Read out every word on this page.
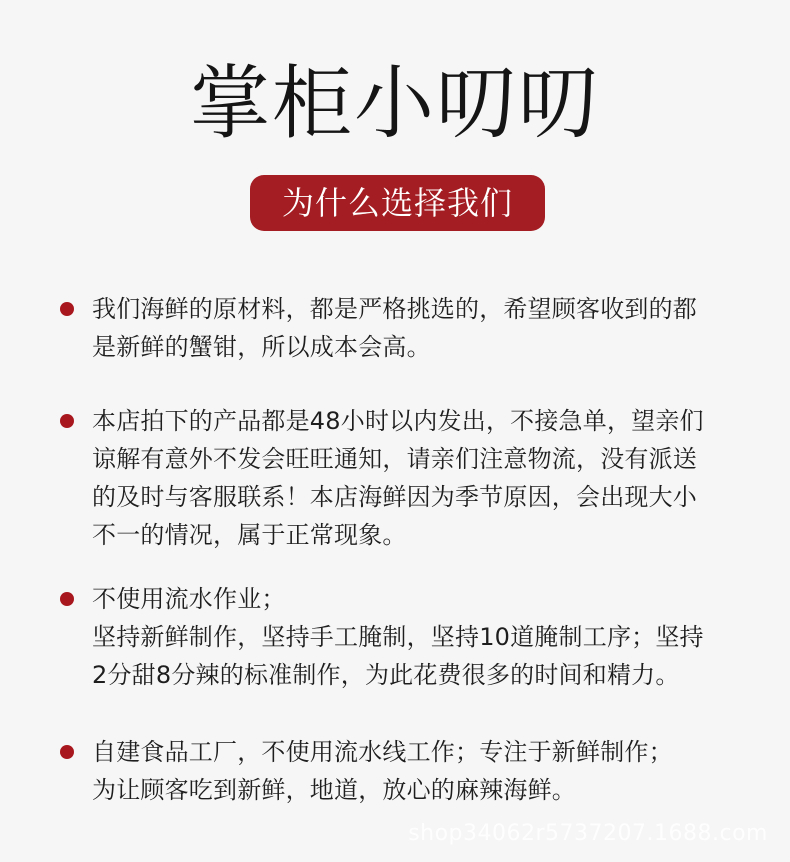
掌柜小叨叨
为什么选择我们
我们海鲜的原材料，都是严格挑选的，希望顾客收到的都
是新鲜的蟹钳，所以成本会高。
本店拍下的产品都是48小时以内发出，不接急单，望亲们
谅解有意外不发会旺旺通知，请亲们注意物流，没有派送
的及时与客服联系！本店海鲜因为季节原因，会出现大小
不一的情况，属于正常现象。
不使用流水作业；
坚持新鲜制作，坚持手工腌制，坚持10道腌制工序；坚持
2分甜8分辣的标准制作，为此花费很多的时间和精力。
自建食品工厂，不使用流水线工作；专注于新鲜制作；
为让顾客吃到新鲜，地道，放心的麻辣海鲜。
shop34062r5737207.1688.com
